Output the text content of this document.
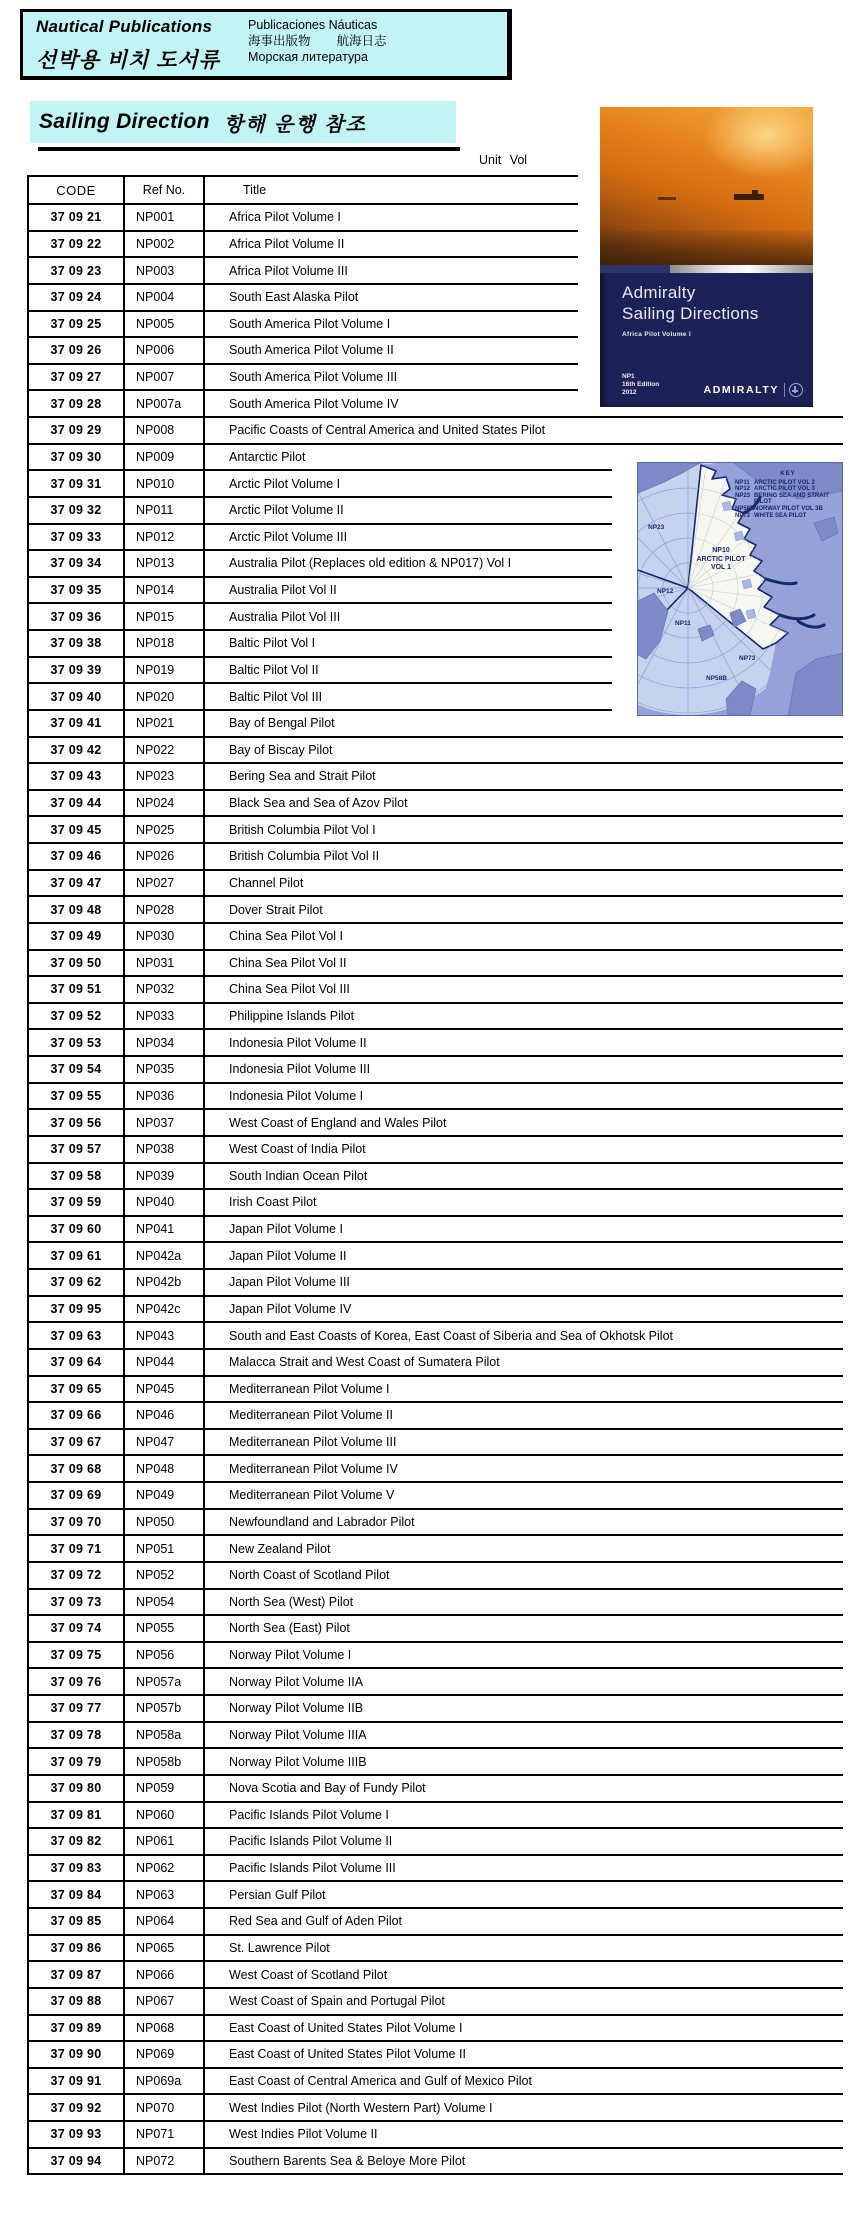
Nautical Publications
선박용 비치 도서류
Publicaciones Náuticas
海事出版物 航海日志
Морская литература
Sailing Direction 항해 운행 참조
Unit Vol
CODE	Ref No.	Title
37 09 21	NP001	Africa Pilot Volume I
37 09 22	NP002	Africa Pilot Volume II
37 09 23	NP003	Africa Pilot Volume III
37 09 24	NP004	South East Alaska Pilot
37 09 25	NP005	South America Pilot Volume I
37 09 26	NP006	South America Pilot Volume II
37 09 27	NP007	South America Pilot Volume III
37 09 28	NP007a	South America Pilot Volume IV
37 09 29	NP008	Pacific Coasts of Central America and United States Pilot
37 09 30	NP009	Antarctic Pilot
37 09 31	NP010	Arctic Pilot Volume I
37 09 32	NP011	Arctic Pilot Volume II
37 09 33	NP012	Arctic Pilot Volume III
37 09 34	NP013	Australia Pilot (Replaces old edition & NP017) Vol I
37 09 35	NP014	Australia Pilot Vol II
37 09 36	NP015	Australia Pilot Vol III
37 09 38	NP018	Baltic Pilot Vol I
37 09 39	NP019	Baltic Pilot Vol II
37 09 40	NP020	Baltic Pilot Vol III
37 09 41	NP021	Bay of Bengal Pilot
37 09 42	NP022	Bay of Biscay Pilot
37 09 43	NP023	Bering Sea and Strait Pilot
37 09 44	NP024	Black Sea and Sea of Azov Pilot
37 09 45	NP025	British Columbia Pilot Vol I
37 09 46	NP026	British Columbia Pilot Vol II
37 09 47	NP027	Channel Pilot
37 09 48	NP028	Dover Strait Pilot
37 09 49	NP030	China Sea Pilot Vol I
37 09 50	NP031	China Sea Pilot Vol II
37 09 51	NP032	China Sea Pilot Vol III
37 09 52	NP033	Philippine Islands Pilot
37 09 53	NP034	Indonesia Pilot Volume II
37 09 54	NP035	Indonesia Pilot Volume III
37 09 55	NP036	Indonesia Pilot Volume I
37 09 56	NP037	West Coast of England and Wales Pilot
37 09 57	NP038	West Coast of India Pilot
37 09 58	NP039	South Indian Ocean Pilot
37 09 59	NP040	Irish Coast Pilot
37 09 60	NP041	Japan Pilot Volume I
37 09 61	NP042a	Japan Pilot Volume II
37 09 62	NP042b	Japan Pilot Volume III
37 09 95	NP042c	Japan Pilot Volume IV
37 09 63	NP043	South and East Coasts of Korea, East Coast of Siberia and Sea of Okhotsk Pilot
37 09 64	NP044	Malacca Strait and West Coast of Sumatera Pilot
37 09 65	NP045	Mediterranean Pilot Volume I
37 09 66	NP046	Mediterranean Pilot Volume II
37 09 67	NP047	Mediterranean Pilot Volume III
37 09 68	NP048	Mediterranean Pilot Volume IV
37 09 69	NP049	Mediterranean Pilot Volume V
37 09 70	NP050	Newfoundland and Labrador Pilot
37 09 71	NP051	New Zealand Pilot
37 09 72	NP052	North Coast of Scotland Pilot
37 09 73	NP054	North Sea (West) Pilot
37 09 74	NP055	North Sea (East) Pilot
37 09 75	NP056	Norway Pilot Volume I
37 09 76	NP057a	Norway Pilot Volume IIA
37 09 77	NP057b	Norway Pilot Volume IIB
37 09 78	NP058a	Norway Pilot Volume IIIA
37 09 79	NP058b	Norway Pilot Volume IIIB
37 09 80	NP059	Nova Scotia and Bay of Fundy Pilot
37 09 81	NP060	Pacific Islands Pilot Volume I
37 09 82	NP061	Pacific Islands Pilot Volume II
37 09 83	NP062	Pacific Islands Pilot Volume III
37 09 84	NP063	Persian Gulf Pilot
37 09 85	NP064	Red Sea and Gulf of Aden Pilot
37 09 86	NP065	St. Lawrence Pilot
37 09 87	NP066	West Coast of Scotland Pilot
37 09 88	NP067	West Coast of Spain and Portugal Pilot
37 09 89	NP068	East Coast of United States Pilot Volume I
37 09 90	NP069	East Coast of United States Pilot Volume II
37 09 91	NP069a	East Coast of Central America and Gulf of Mexico Pilot
37 09 92	NP070	West Indies Pilot (North Western Part) Volume I
37 09 93	NP071	West Indies Pilot Volume II
37 09 94	NP072	Southern Barents Sea & Beloye More Pilot
Admiralty
Sailing Directions
Africa Pilot Volume I
NP1
16th Edition
2012	ADMIRALTY
KEY
NP11 ARCTIC PILOT VOL 2
NP12 ARCTIC PILOT VOL 3
NP23 BERING SEA AND STRAIT PILOT
NP58B NORWAY PILOT VOL 3B
NP73 WHITE SEA PILOT
NP10
ARCTIC PILOT
VOL 1
NP23
NP12
NP11
NP73
NP58B
